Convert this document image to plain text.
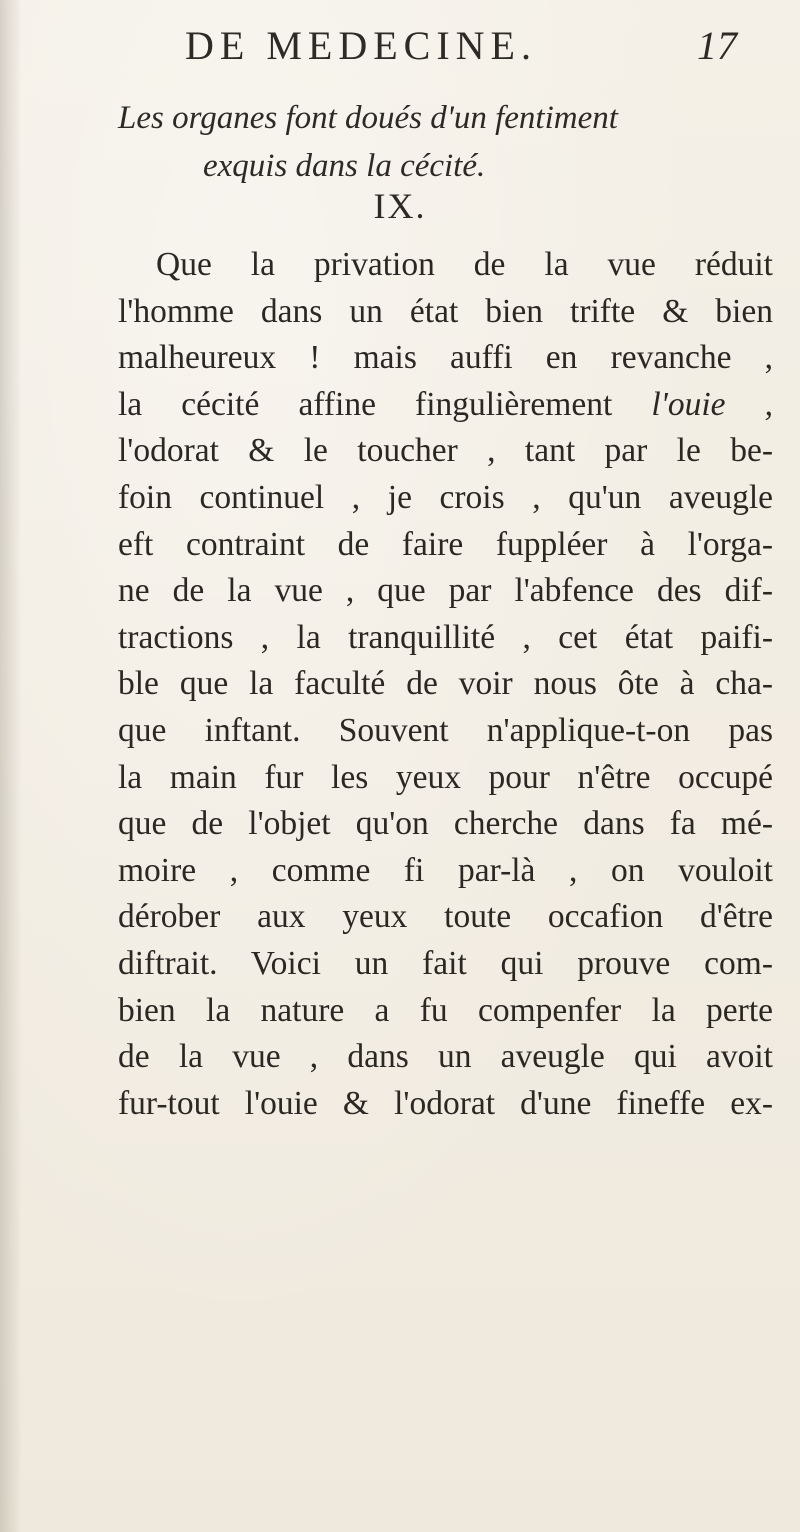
DE MEDECINE.	17
Les organes font doués d'un fentiment
exquis dans la cécité.
IX.
Que la privation de la vue réduit
l'homme dans un état bien trifte & bien
malheureux ! mais auffi en revanche ,
la cécité affine fingulièrement l'ouie ,
l'odorat & le toucher , tant par le be-
foin continuel , je crois , qu'un aveugle
eft contraint de faire fuppléer à l'orga-
ne de la vue , que par l'abfence des dif-
tractions , la tranquillité , cet état paifi-
ble que la faculté de voir nous ôte à cha-
que inftant. Souvent n'applique-t-on pas
la main fur les yeux pour n'être occupé
que de l'objet qu'on cherche dans fa mé-
moire , comme fi par-là , on vouloit
dérober aux yeux toute occafion d'être
diftrait. Voici un fait qui prouve com-
bien la nature a fu compenfer la perte
de la vue , dans un aveugle qui avoit
fur-tout l'ouie & l'odorat d'une fineffe ex-
